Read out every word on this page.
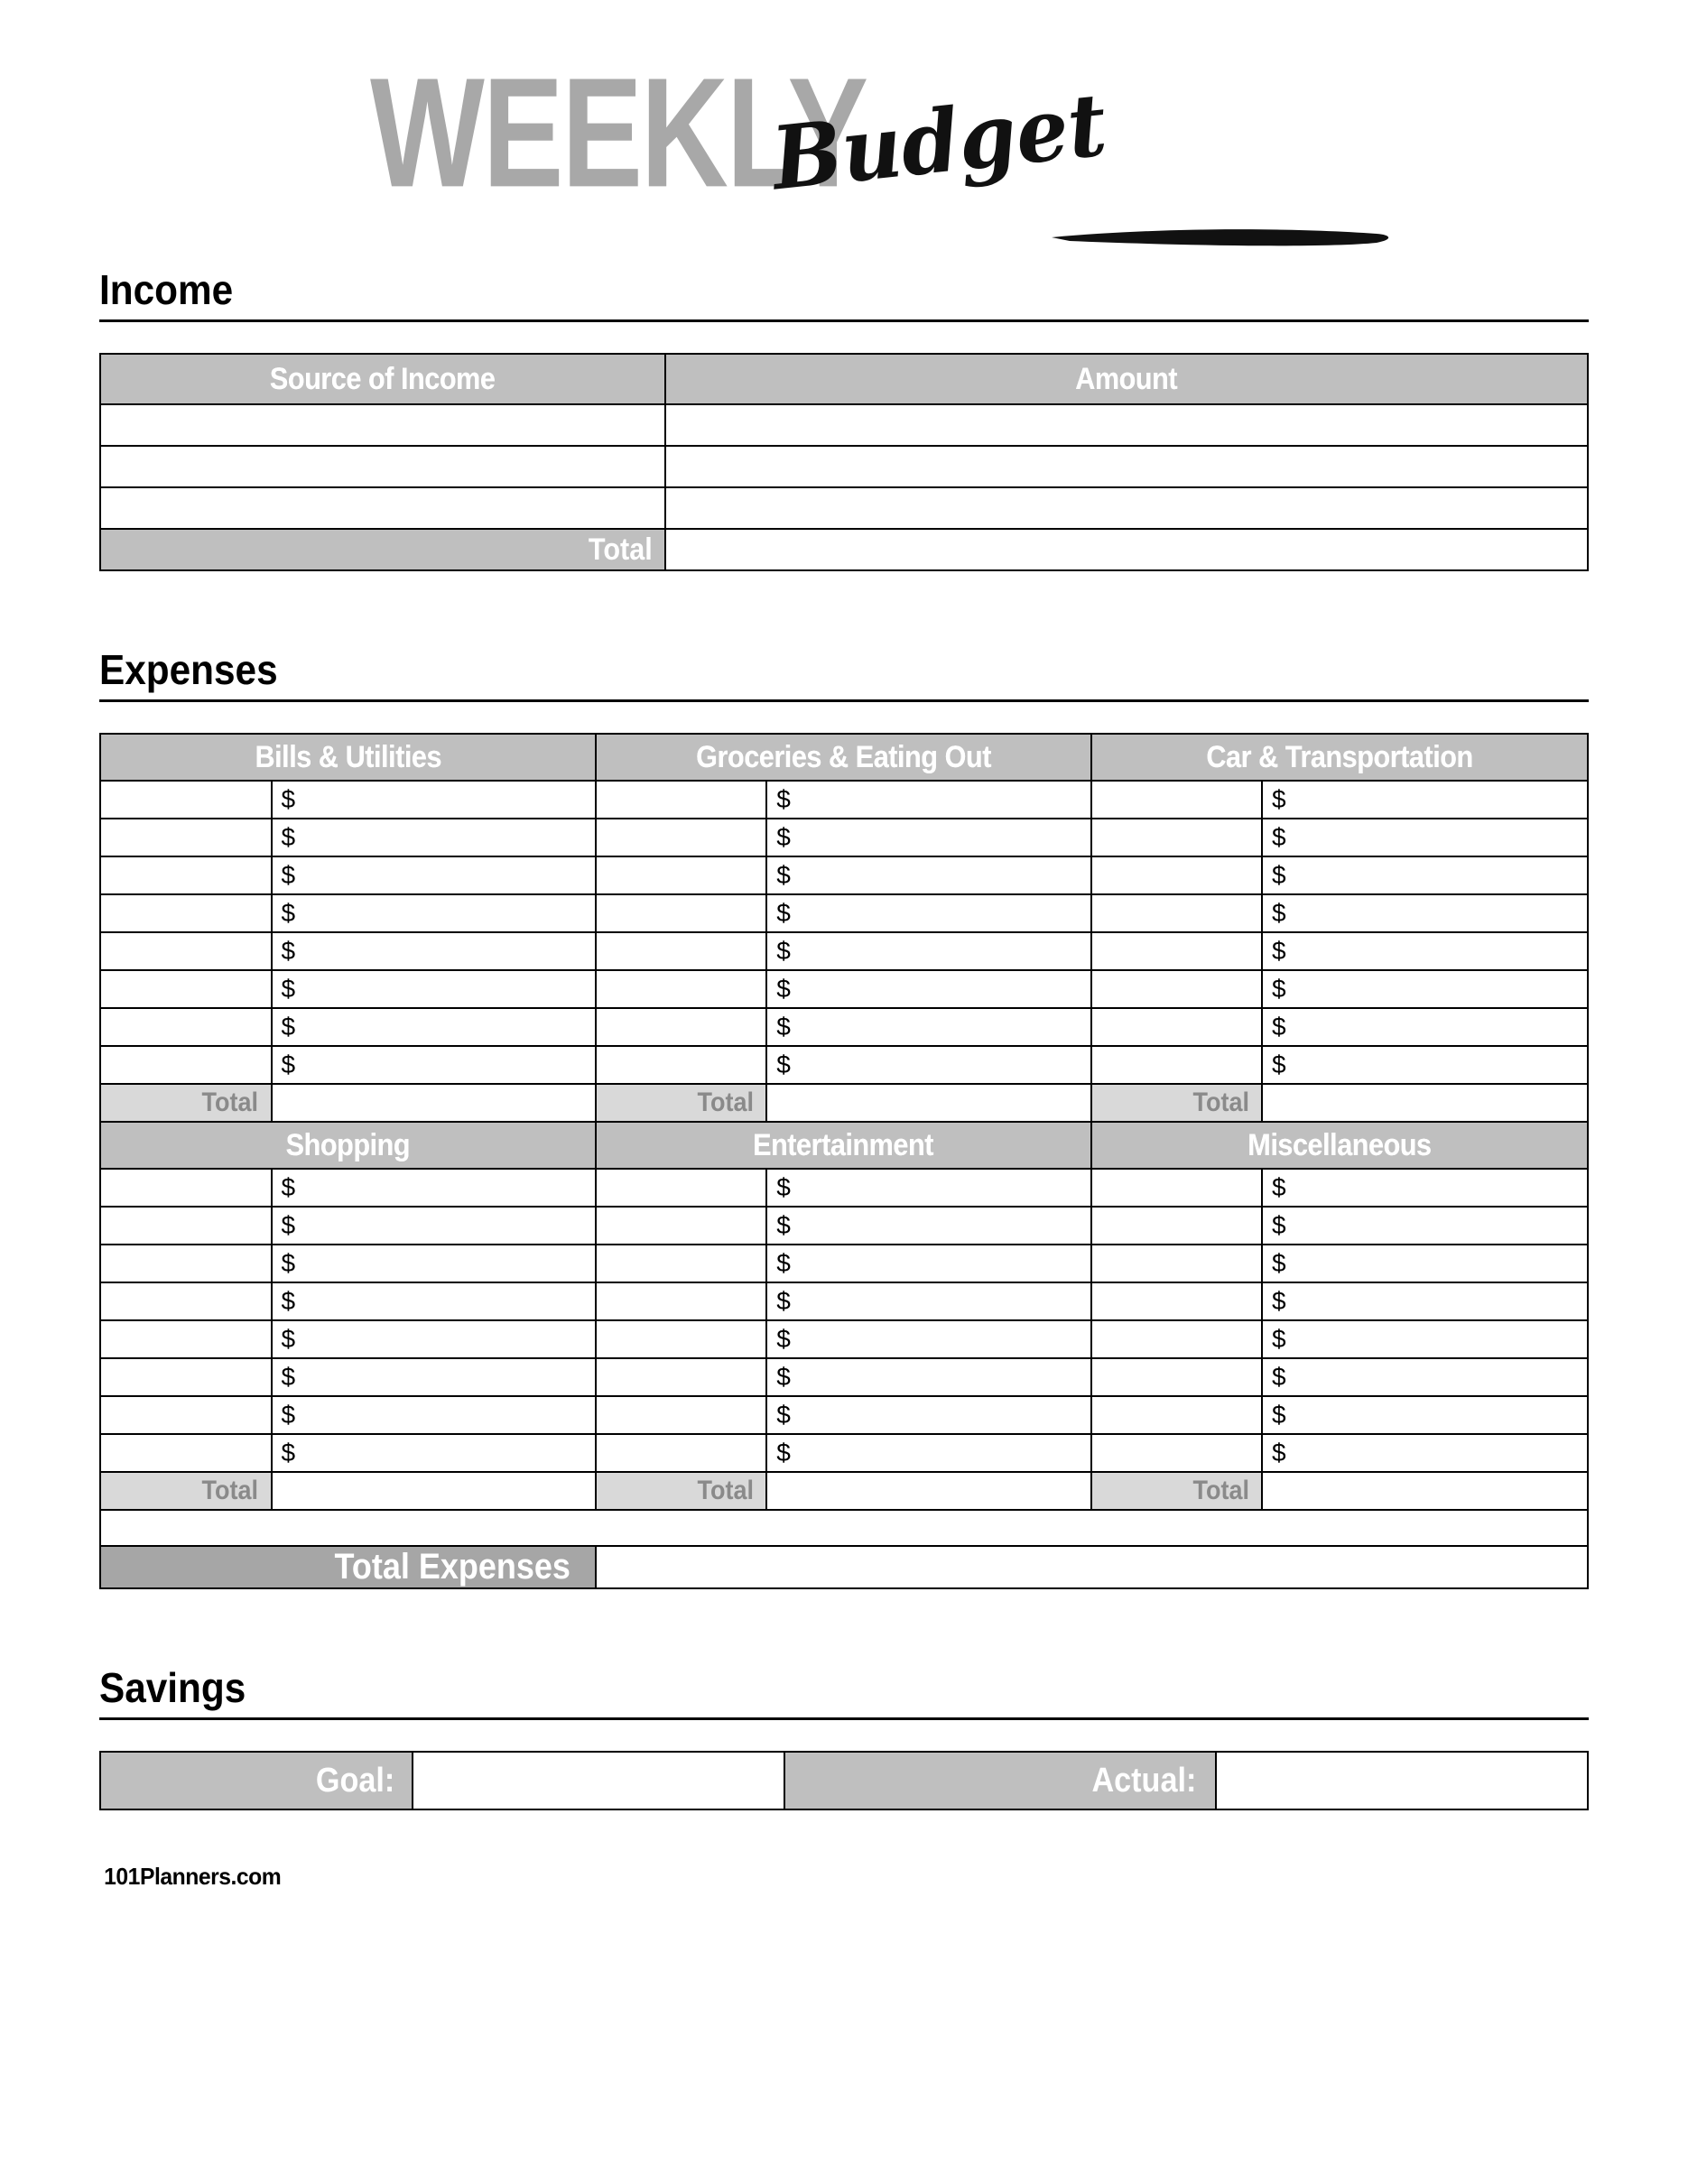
WEEKLY
Budget
Income
Source of Income	Amount

Total	
Expenses
Bills & Utilities		Groceries & Eating Out		Car & Transportation	
	$		$		$
	$		$		$
	$		$		$
	$		$		$
	$		$		$
	$		$		$
	$		$		$
	$		$		$
Total		Total		Total	
Shopping		Entertainment		Miscellaneous	
	$		$		$
	$		$		$
	$		$		$
	$		$		$
	$		$		$
	$		$		$
	$		$		$
	$		$		$
Total		Total		Total	

Total Expenses					
Savings
Goal:		Actual:	
101Planners.com
